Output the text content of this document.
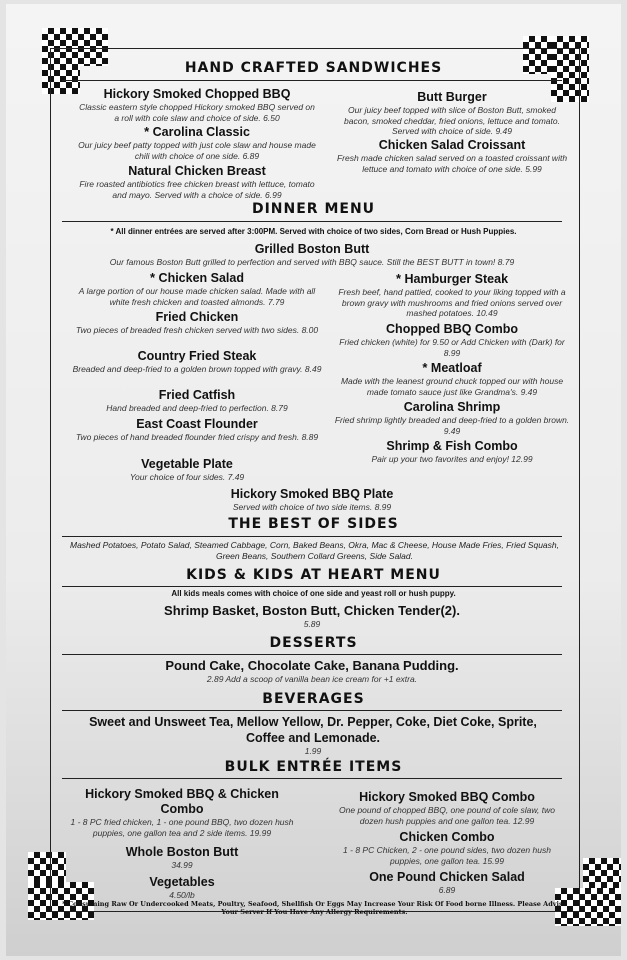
HAND CRAFTED SANDWICHES
Hickory Smoked Chopped BBQ
Classic eastern style chopped Hickory smoked BBQ served on a roll with cole slaw and choice of side. 6.50
* Carolina Classic
Our juicy beef patty topped with just cole slaw and house made chili with choice of one side. 6.89
Natural Chicken Breast
Fire roasted antibiotics free chicken breast with lettuce, tomato and mayo. Served with a choice of side. 6.99
Butt Burger
Our juicy beef topped with slice of Boston Butt, smoked bacon, smoked cheddar, fried onions, lettuce and tomato. Served with choice of side. 9.49
Chicken Salad Croissant
Fresh made chicken salad served on a toasted croissant with lettuce and tomato with choice of one side. 5.99
DINNER MENU
* All dinner entrées are served after 3:00PM. Served with choice of two sides, Corn Bread or Hush Puppies.
Grilled Boston Butt
Our famous Boston Butt grilled to perfection and served with BBQ sauce. Still the BEST BUTT in town! 8.79
* Chicken Salad
A large portion of our house made chicken salad. Made with all white fresh chicken and toasted almonds. 7.79
Fried Chicken
Two pieces of breaded fresh chicken served with two sides. 8.00
Country Fried Steak
Breaded and deep-fried to a golden brown topped with gravy. 8.49
Fried Catfish
Hand breaded and deep-fried to perfection. 8.79
East Coast Flounder
Two pieces of hand breaded flounder fried crispy and fresh. 8.89
Vegetable Plate
Your choice of four sides. 7.49
* Hamburger Steak
Fresh beef, hand pattied, cooked to your liking topped with a brown gravy with mushrooms and fried onions served over mashed potatoes. 10.49
Chopped BBQ Combo
Fried chicken (white) for 9.50 or Add Chicken with (Dark) for 8.99
* Meatloaf
Made with the leanest ground chuck topped our with house made tomato sauce just like Grandma's. 9.49
Carolina Shrimp
Fried shrimp lightly breaded and deep-fried to a golden brown. 9.49
Shrimp & Fish Combo
Pair up your two favorites and enjoy! 12.99
Hickory Smoked BBQ Plate
Served with choice of two side items. 8.99
THE BEST OF SIDES
Mashed Potatoes, Potato Salad, Steamed Cabbage, Corn, Baked Beans, Okra, Mac & Cheese, House Made Fries, Fried Squash, Green Beans, Southern Collard Greens, Side Salad.
KIDS & KIDS AT HEART MENU
All kids meals comes with choice of one side and yeast roll or hush puppy.
Shrimp Basket, Boston Butt, Chicken Tender(2).
5.89
DESSERTS
Pound Cake, Chocolate Cake, Banana Pudding.
2.89 Add a scoop of vanilla bean ice cream for +1 extra.
BEVERAGES
Sweet and Unsweet Tea, Mellow Yellow, Dr. Pepper, Coke, Diet Coke, Sprite,
Coffee and Lemonade.
1.99
BULK ENTRÉE ITEMS
Hickory Smoked BBQ & Chicken Combo
1 - 8 PC fried chicken, 1 - one pound BBQ, two dozen hush puppies, one gallon tea and 2 side items. 19.99
Whole Boston Butt
34.99
Vegetables
4.50/lb
Hickory Smoked BBQ Combo
One pound of chopped BBQ, one pound of cole slaw, two dozen hush puppies and one gallon tea. 12.99
Chicken Combo
1 - 8 PC Chicken, 2 - one pound sides, two dozen hush puppies, one gallon tea. 15.99
One Pound Chicken Salad
6.89
* Consuming Raw Or Undercooked Meats, Poultry, Seafood, Shellfish Or Eggs May Increase Your Risk Of Food borne Illness. Please Advise Your Server If You Have Any Allergy Requirements.
